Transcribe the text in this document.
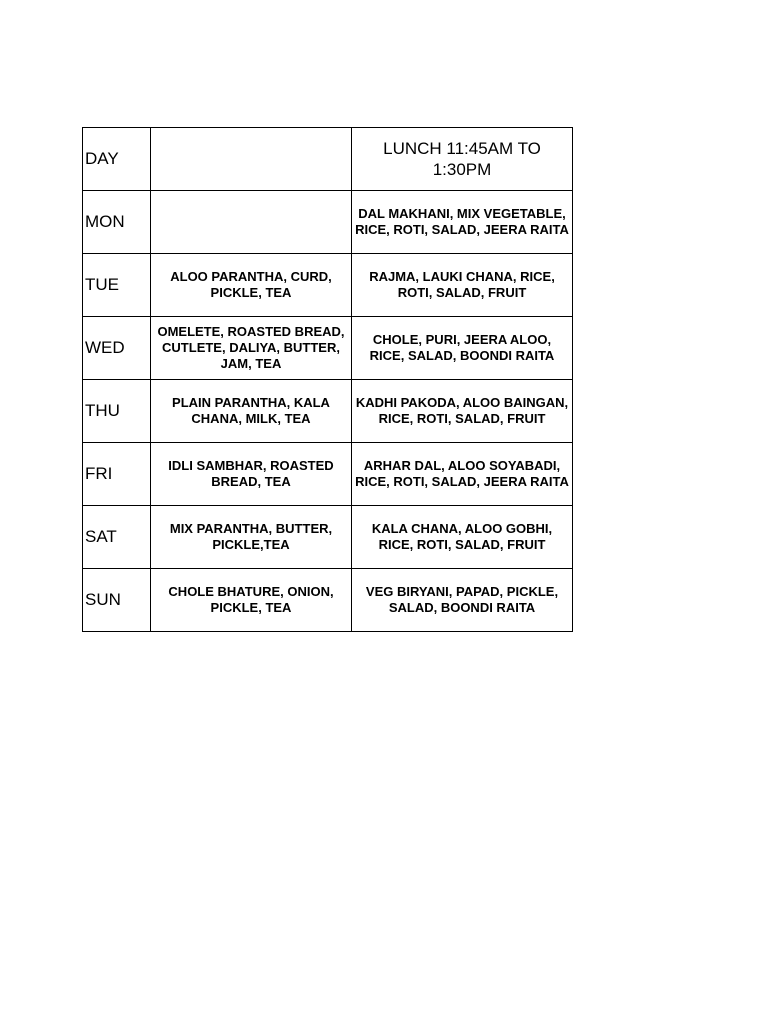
DAY		LUNCH 11:45AM TO 1:30PM
MON		DAL MAKHANI, MIX VEGETABLE, RICE, ROTI, SALAD, JEERA RAITA
TUE	ALOO PARANTHA, CURD, PICKLE, TEA	RAJMA, LAUKI CHANA, RICE, ROTI, SALAD, FRUIT
WED	OMELETE, ROASTED BREAD, CUTLETE, DALIYA, BUTTER, JAM, TEA	CHOLE, PURI, JEERA ALOO, RICE, SALAD, BOONDI RAITA
THU	PLAIN PARANTHA, KALA CHANA, MILK, TEA	KADHI PAKODA, ALOO BAINGAN, RICE, ROTI, SALAD, FRUIT
FRI	IDLI SAMBHAR, ROASTED BREAD, TEA	ARHAR DAL, ALOO SOYABADI, RICE, ROTI, SALAD, JEERA RAITA
SAT	MIX PARANTHA, BUTTER, PICKLE,TEA	KALA CHANA, ALOO GOBHI, RICE, ROTI, SALAD, FRUIT
SUN	CHOLE BHATURE, ONION, PICKLE, TEA	VEG BIRYANI, PAPAD, PICKLE, SALAD, BOONDI RAITA
